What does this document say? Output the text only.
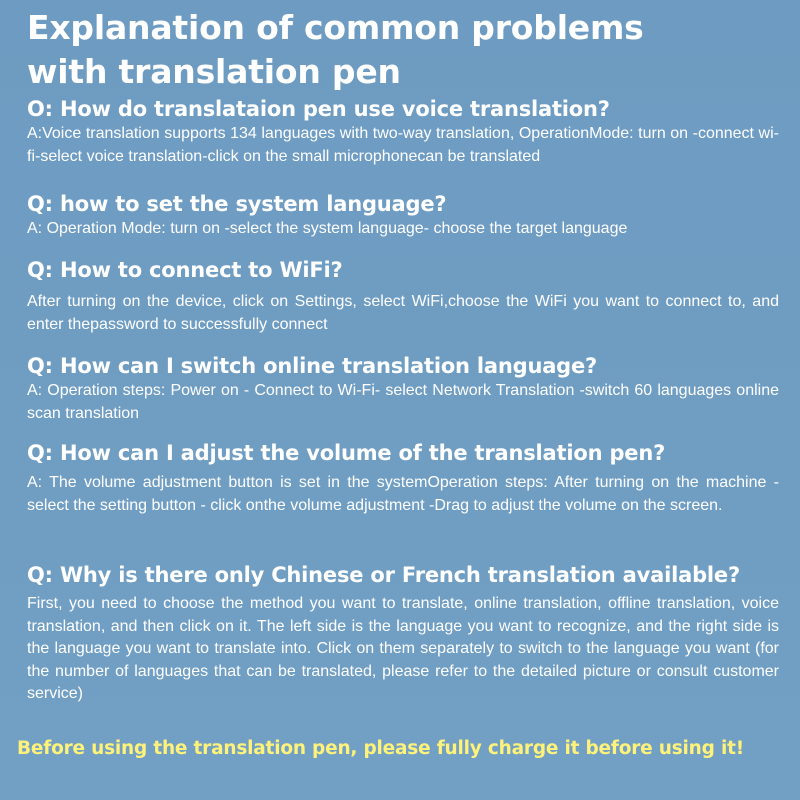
Explanation of common problems
with translation pen
O: How do translataion pen use voice translation?
A:Voice translation supports 134 languages with two-way translation, OperationMode: turn on -connect wi-fi-select voice translation-click on the small microphonecan be translated
Q: how to set the system language?
A: Operation Mode: turn on -select the system language- choose the target language
Q: How to connect to WiFi?
After turning on the device, click on Settings, select WiFi,choose the WiFi you want to connect to, and enter thepassword to successfully connect
Q: How can I switch online translation language?
A: Operation steps: Power on - Connect to Wi-Fi- select Network Translation -switch 60 languages online scan translation
Q: How can I adjust the volume of the translation pen?
A: The volume adjustment button is set in the systemOperation steps: After turning on the machine - select the setting button - click onthe volume adjustment -Drag to adjust the volume on the screen.
Q: Why is there only Chinese or French translation available?
First, you need to choose the method you want to translate, online translation, offline translation, voice translation, and then click on it. The left side is the language you want to recognize, and the right side is the language you want to translate into. Click on them separately to switch to the language you want (for the number of languages that can be translated, please refer to the detailed picture or consult customer service)
Before using the translation pen, please fully charge it before using it!
